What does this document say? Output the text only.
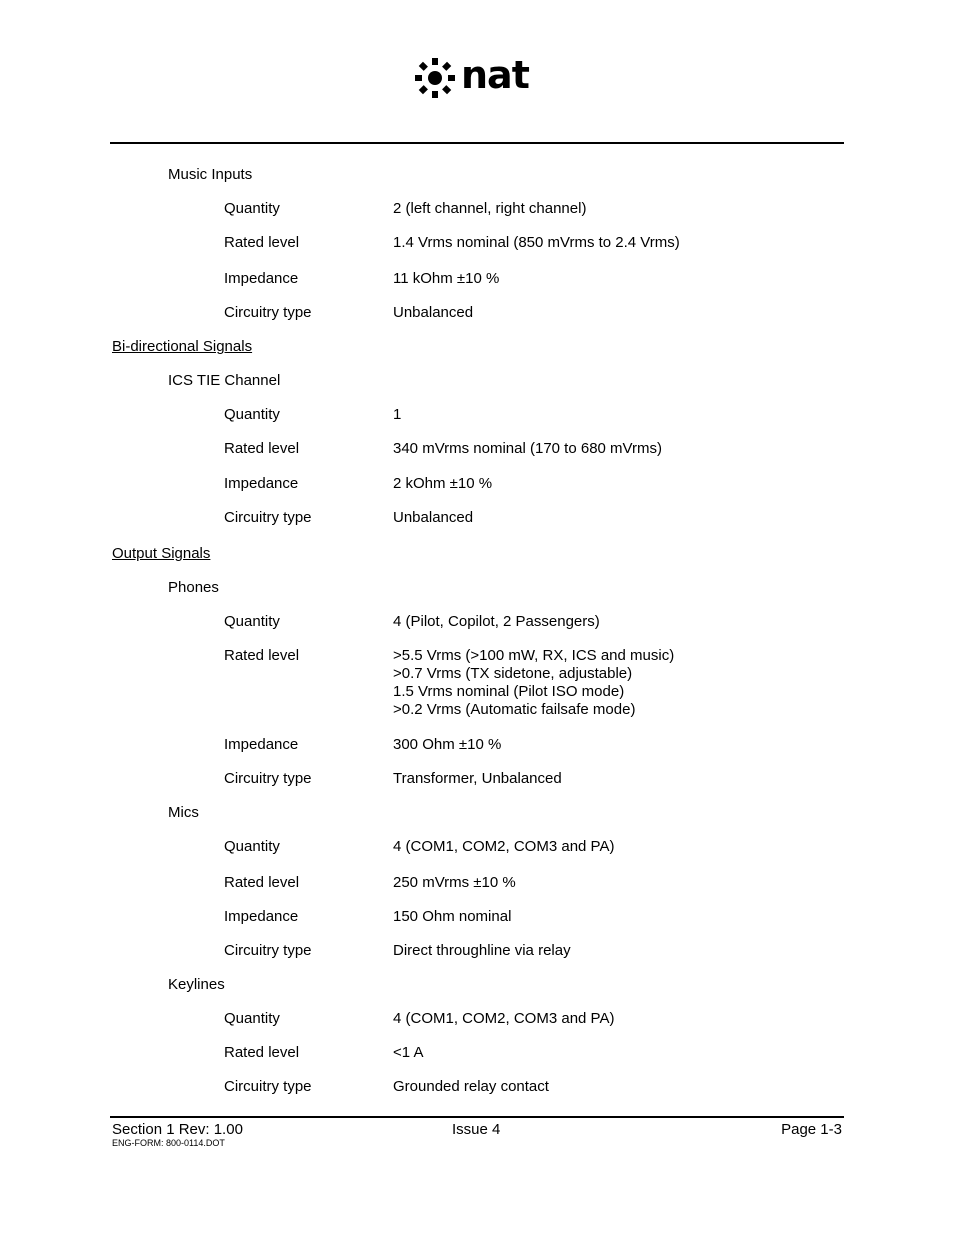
nat
Music Inputs
Quantity	2 (left channel, right channel)
Rated level	1.4 Vrms nominal (850 mVrms to 2.4 Vrms)
Impedance	11 kOhm ±10 %
Circuitry type	Unbalanced
Bi-directional Signals
ICS TIE Channel
Quantity	1
Rated level	340 mVrms nominal (170 to 680 mVrms)
Impedance	2 kOhm ±10 %
Circuitry type	Unbalanced
Output Signals
Phones
Quantity	4 (Pilot, Copilot, 2 Passengers)
Rated level	>5.5 Vrms (>100 mW, RX, ICS and music)
>0.7 Vrms (TX sidetone, adjustable)
1.5 Vrms nominal (Pilot ISO mode)
>0.2 Vrms (Automatic failsafe mode)
Impedance	300 Ohm ±10 %
Circuitry type	Transformer, Unbalanced
Mics
Quantity	4 (COM1, COM2, COM3 and PA)
Rated level	250 mVrms ±10 %
Impedance	150 Ohm nominal
Circuitry type	Direct throughline via relay
Keylines
Quantity	4 (COM1, COM2, COM3 and PA)
Rated level	<1 A
Circuitry type	Grounded relay contact
Section 1 Rev: 1.00	Issue 4	Page 1-3
ENG-FORM: 800-0114.DOT
